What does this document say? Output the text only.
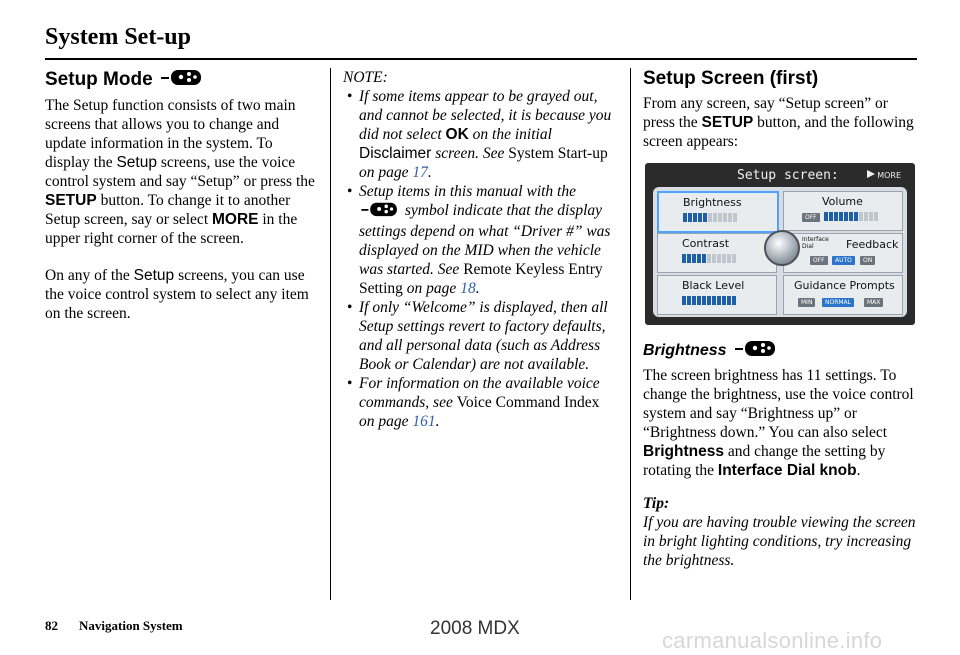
System Set-up
Setup Mode

The Setup function consists of two main screens that allows you to change and update information in the system. To display the Setup screens, use the voice control system and say “Setup” or press the SETUP button. To change it to another Setup screen, say or select MORE in the upper right corner of the screen.

On any of the Setup screens, you can use the voice control system to select any item on the screen.

NOTE:
• If some items appear to be grayed out, and cannot be selected, it is because you did not select OK on the initial Disclaimer screen. See System Start-up on page 17.
• Setup items in this manual with the
symbol indicate that the display settings depend on what “Driver #” was displayed on the MID when the vehicle was started. See Remote Keyless Entry Setting on page 18.
• If only “Welcome” is displayed, then all Setup settings revert to factory defaults, and all personal data (such as Address Book or Calendar) are not available.
• For information on the available voice commands, see Voice Command Index on page 161.
Setup Screen (first)

From any screen, say “Setup screen” or press the SETUP button, and the following screen appears:

Setup screen:	MORE
Brightness	Volume
OFF
Contrast	Interface Dial	Feedback
OFF	AUTO	ON
Black Level	Guidance Prompts
MIN	NORMAL	MAX
Brightness

The screen brightness has 11 settings. To change the brightness, use the voice control system and say “Brightness up” or “Brightness down.” You can also select Brightness and change the setting by rotating the Interface Dial knob.

Tip:

If you are having trouble viewing the screen in bright lighting conditions, try increasing the brightness.

82 Navigation System	2008 MDX	carmanualsonline.info
